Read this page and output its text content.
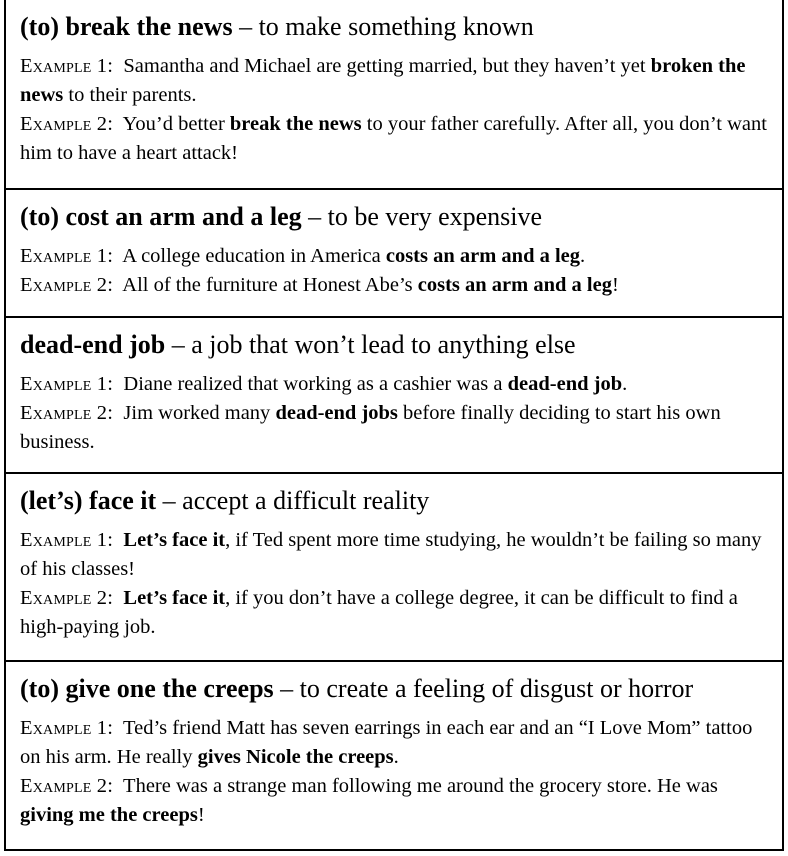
(to) break the news – to make something known
Example 1: Samantha and Michael are getting married, but they haven’t yet broken the news to their parents.
Example 2: You’d better break the news to your father carefully. After all, you don’t want him to have a heart attack!
(to) cost an arm and a leg – to be very expensive
Example 1: A college education in America costs an arm and a leg.
Example 2: All of the furniture at Honest Abe’s costs an arm and a leg!
dead-end job – a job that won’t lead to anything else
Example 1: Diane realized that working as a cashier was a dead-end job.
Example 2: Jim worked many dead-end jobs before finally deciding to start his own business.
(let’s) face it – accept a difficult reality
Example 1: Let’s face it, if Ted spent more time studying, he wouldn’t be failing so many of his classes!
Example 2: Let’s face it, if you don’t have a college degree, it can be difficult to find a high-paying job.
(to) give one the creeps – to create a feeling of disgust or horror
Example 1: Ted’s friend Matt has seven earrings in each ear and an “I Love Mom” tattoo on his arm. He really gives Nicole the creeps.
Example 2: There was a strange man following me around the grocery store. He was giving me the creeps!
